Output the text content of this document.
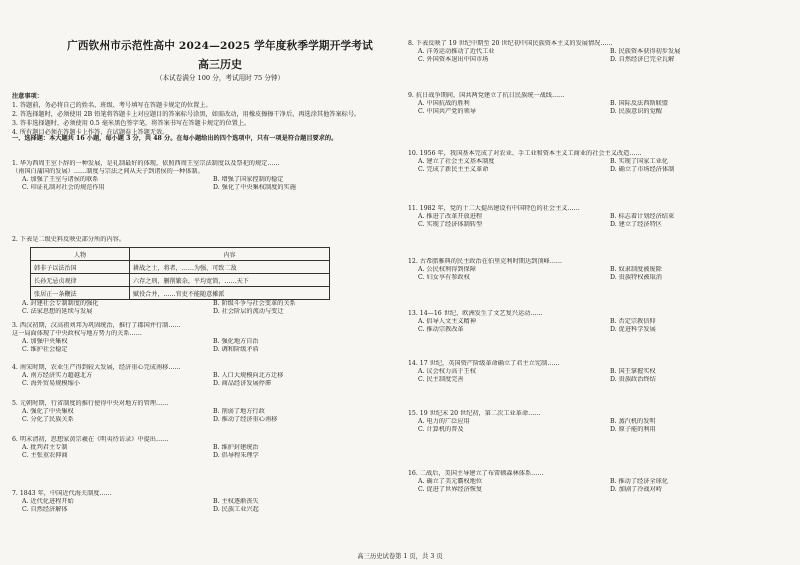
广西钦州市示范性高中 2024—2025 学年度秋季学期开学考试
高三历史
（本试卷满分 100 分，考试用时 75 分钟）
注意事项：
1. 答题前，务必将自己的姓名、班级、考号填写在答题卡规定的位置上。
2. 答选择题时，必须使用 2B 铅笔将答题卡上对应题目的答案标号涂黑，如需改动，用橡皮擦擦干净后，再选涂其他答案标号。
3. 答非选择题时，必须使用 0.5 毫米黑色签字笔，将答案书写在答题卡规定的位置上。
4. 所有题目必须在答题卡上作答，在试题卷上答题无效。
一、选择题：本大题共 16 小题，每小题 3 分，共 48 分。在每小题给出的四个选项中，只有一项是符合题目要求的。
1. 华为西周王室卜辞的一种发展，是礼制最好的体现，依照西周王室宗法制度以及祭祀的规定……
（南国白蒲国的发展）……制度与宗法之间从天子到诸侯的一种体制。
A. 加强了王室与诸侯的联系	B. 增强了国家控制的稳定
C. 印证礼制对社会的规范作用	D. 强化了中央集权制度的实施
2. 下表是二级史料反映史部分所的内容。
人物	内容
韩非子以法治国	耕战之士，将者，……为强，可致二敌
长孙无忌贞观律	六存之刑，删削繁杂，平均宽简，……天下
张居正一条鞭法	赋役合并，……官吏不能随意摊派
A. 封建社会专制制度的强化	B. 阶级斗争与社会变革的关系
C. 法家思想的延续与发展	D. 社会阶层的流动与变迁
3. 西汉初期，汉高祖刘邦为巩固统治，推行了郡国并行制……
这一局面体现了中央政权与地方势力的关系……
A. 加强中央集权	B. 强化地方自治
C. 维护社会稳定	D. 调和阶级矛盾
4. 南宋时期，农业生产得到较大发展，经济重心完成南移……
A. 南方经济实力超越北方	B. 人口大规模向北方迁移
C. 海外贸易规模缩小	D. 商品经济发展停滞
5. 元朝时期，行省制度的推行使得中央对地方的管理……
A. 强化了中央集权	B. 削弱了地方行政
C. 分化了民族关系	D. 推动了经济重心南移
6. 明末清初，思想家黄宗羲在《明夷待访录》中提出……
A. 批判君主专制	B. 维护封建统治
C. 主张重农抑商	D. 倡导程朱理学
7. 1843 年，中国近代海关制度……
A. 近代化进程开始	B. 主权逐渐丧失
C. 自然经济解体	D. 民族工业兴起
8. 下表反映了 19 世纪中期至 20 世纪初中国民族资本主义的发展情况……
A. 洋务运动推动了近代工业	B. 民族资本获得初步发展
C. 外国资本退出中国市场	D. 自然经济已完全瓦解
9. 抗日战争期间，国共两党建立了抗日民族统一战线……
A. 中国抗战的胜利	B. 国际反法西斯联盟
C. 中国共产党的领导	D. 民族意识的觉醒
10. 1956 年，我国基本完成了对农业、手工业和资本主义工商业的社会主义改造……
A. 建立了社会主义基本制度	B. 实现了国家工业化
C. 完成了新民主主义革命	D. 确立了市场经济体制
11. 1982 年，党的十二大提出建设有中国特色的社会主义……
A. 推进了改革开放进程	B. 标志着计划经济结束
C. 实现了经济体制转型	D. 建立了经济特区
12. 古希腊雅典的民主政治在伯里克利时期达到顶峰……
A. 公民权利得到保障	B. 奴隶制度被废除
C. 妇女享有参政权	D. 贵族特权被取消
13. 14—16 世纪，欧洲发生了文艺复兴运动……
A. 倡导人文主义精神	B. 否定宗教信仰
C. 推动宗教改革	D. 促进科学发展
14. 17 世纪，英国资产阶级革命确立了君主立宪制……
A. 议会权力高于王权	B. 国王掌握实权
C. 民主制度完善	D. 贵族政治终结
15. 19 世纪末 20 世纪初，第二次工业革命……
A. 电力的广泛应用	B. 蒸汽机的发明
C. 计算机的普及	D. 原子能的利用
16. 二战后，美国主导建立了布雷顿森林体系……
A. 确立了美元霸权地位	B. 推动了经济全球化
C. 促进了世界经济恢复	D. 加剧了冷战对峙
高三历史试卷第 1 页，共 3 页
